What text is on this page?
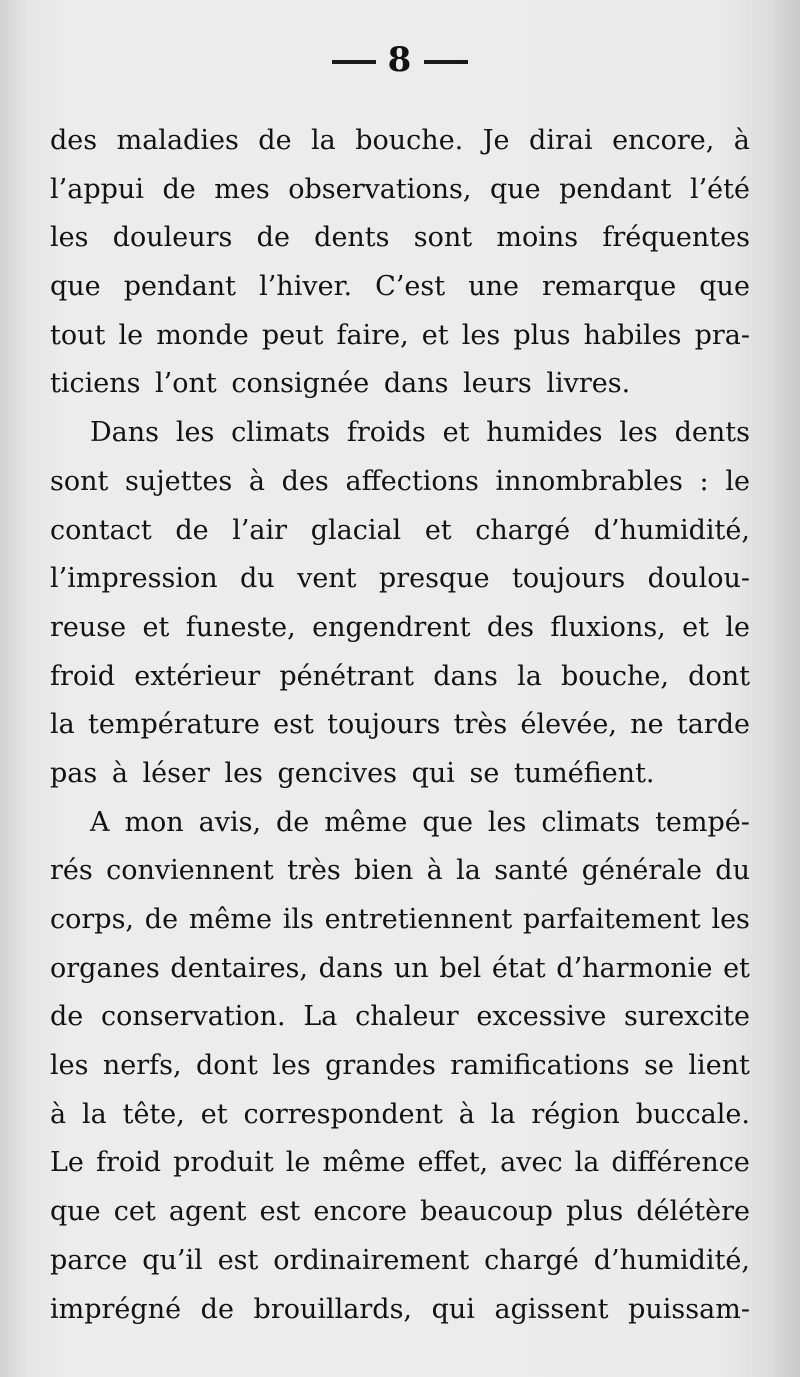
8
des maladies de la bouche. Je dirai encore, à
l’appui de mes observations, que pendant l’été
les douleurs de dents sont moins fréquentes
que pendant l’hiver. C’est une remarque que
tout le monde peut faire, et les plus habiles pra-
ticiens l’ont consignée dans leurs livres.
Dans les climats froids et humides les dents
sont sujettes à des affections innombrables : le
contact de l’air glacial et chargé d’humidité,
l’impression du vent presque toujours doulou-
reuse et funeste, engendrent des fluxions, et le
froid extérieur pénétrant dans la bouche, dont
la température est toujours très élevée, ne tarde
pas à léser les gencives qui se tuméfient.
A mon avis, de même que les climats tempé-
rés conviennent très bien à la santé générale du
corps, de même ils entretiennent parfaitement les
organes dentaires, dans un bel état d’harmonie et
de conservation. La chaleur excessive surexcite
les nerfs, dont les grandes ramifications se lient
à la tête, et correspondent à la région buccale.
Le froid produit le même effet, avec la différence
que cet agent est encore beaucoup plus délétère
parce qu’il est ordinairement chargé d’humidité,
imprégné de brouillards, qui agissent puissam-
